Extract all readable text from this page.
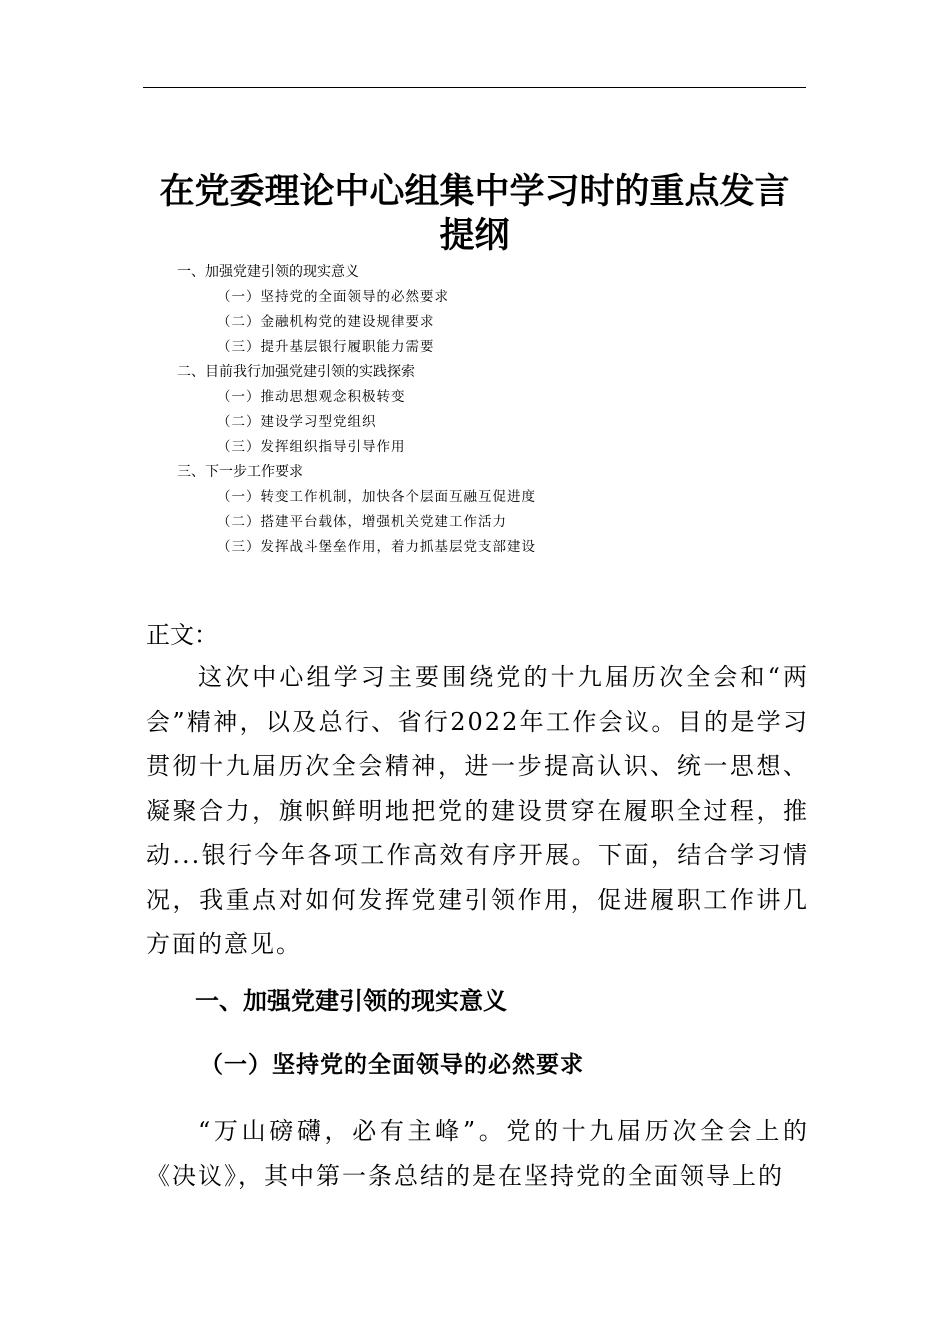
在党委理论中心组集中学习时的重点发言提纲
一、加强党建引领的现实意义
（一）坚持党的全面领导的必然要求
（二）金融机构党的建设规律要求
（三）提升基层银行履职能力需要
二、目前我行加强党建引领的实践探索
（一）推动思想观念积极转变
（二）建设学习型党组织
（三）发挥组织指导引导作用
三、下一步工作要求
（一）转变工作机制，加快各个层面互融互促进度
（二）搭建平台载体，增强机关党建工作活力
（三）发挥战斗堡垒作用，着力抓基层党支部建设
正文：
这次中心组学习主要围绕党的十九届历次全会和“两会”精神，以及总行、省行2022年工作会议。目的是学习贯彻十九届历次全会精神，进一步提高认识、统一思想、凝聚合力，旗帜鲜明地把党的建设贯穿在履职全过程，推动...银行今年各项工作高效有序开展。下面，结合学习情况，我重点对如何发挥党建引领作用，促进履职工作讲几方面的意见。
一、加强党建引领的现实意义
（一）坚持党的全面领导的必然要求
“万山磅礴，必有主峰”。党的十九届历次全会上的《决议》，其中第一条总结的是在坚持党的全面领导上的
